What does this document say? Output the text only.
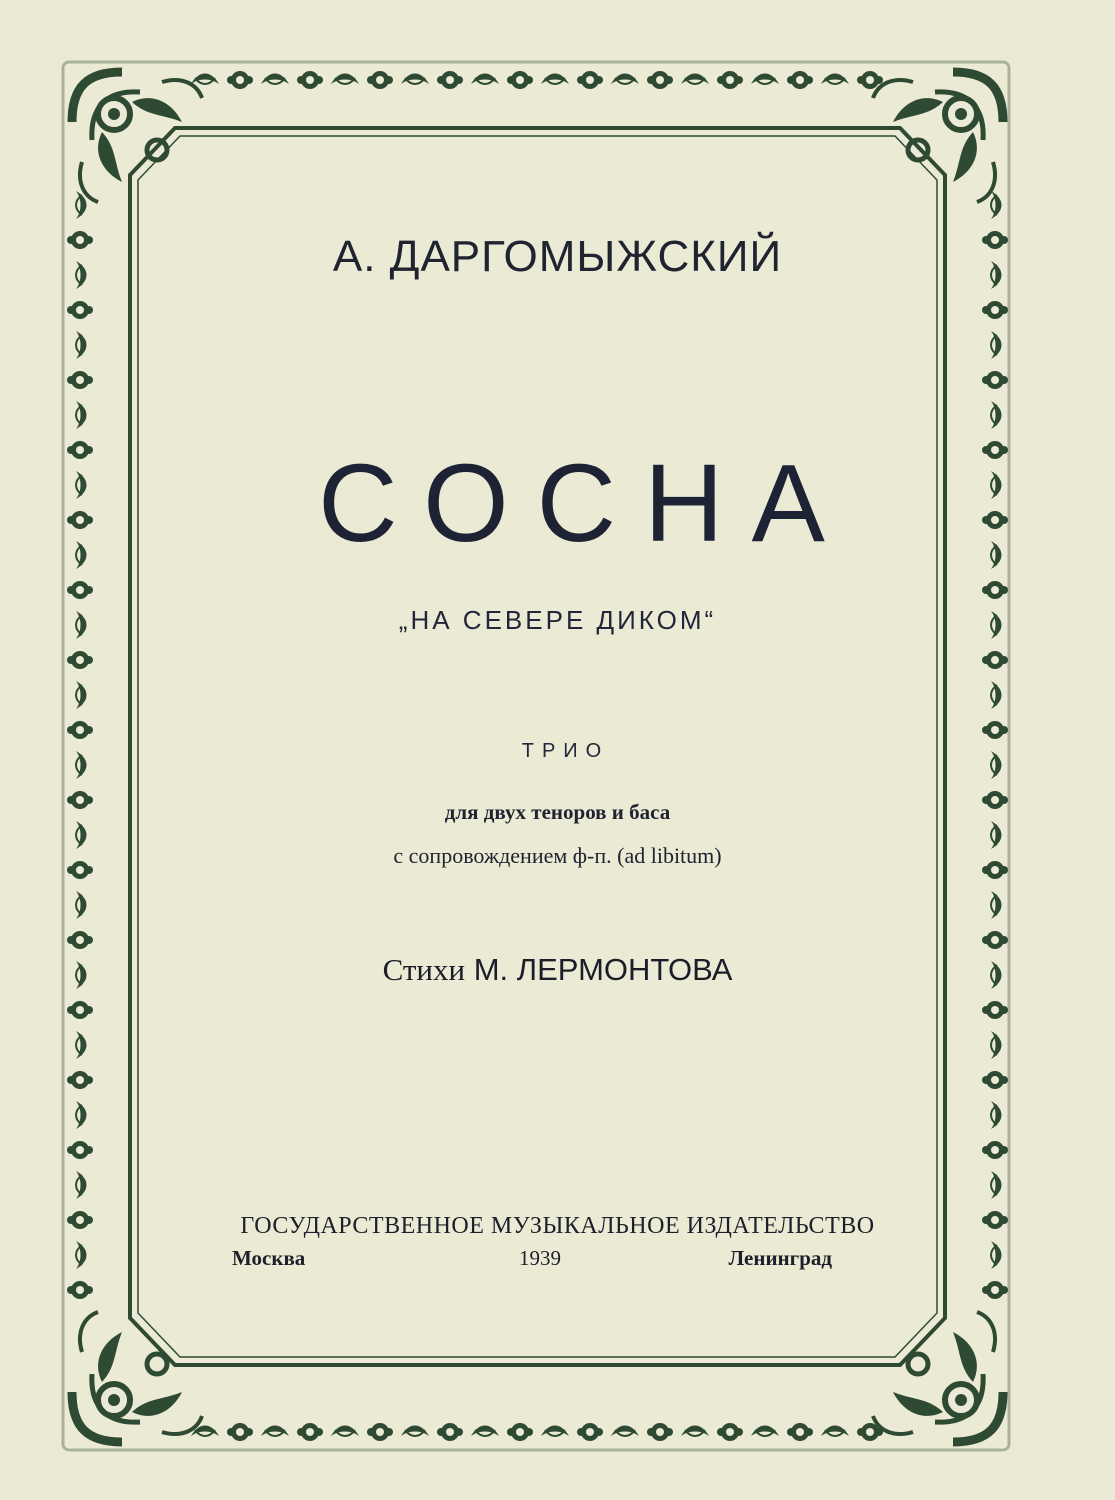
А. ДАРГОМЫЖСКИЙ
СОСНА
„НА СЕВЕРЕ ДИКОМ“
ТРИО
для двух теноров и баса
с сопровождением ф-п. (ad libitum)
Стихи М. ЛЕРМОНТОВА
ГОСУДАРСТВЕННОЕ МУЗЫКАЛЬНОЕ ИЗДАТЕЛЬСТВО
Москва	1939	Ленинград
